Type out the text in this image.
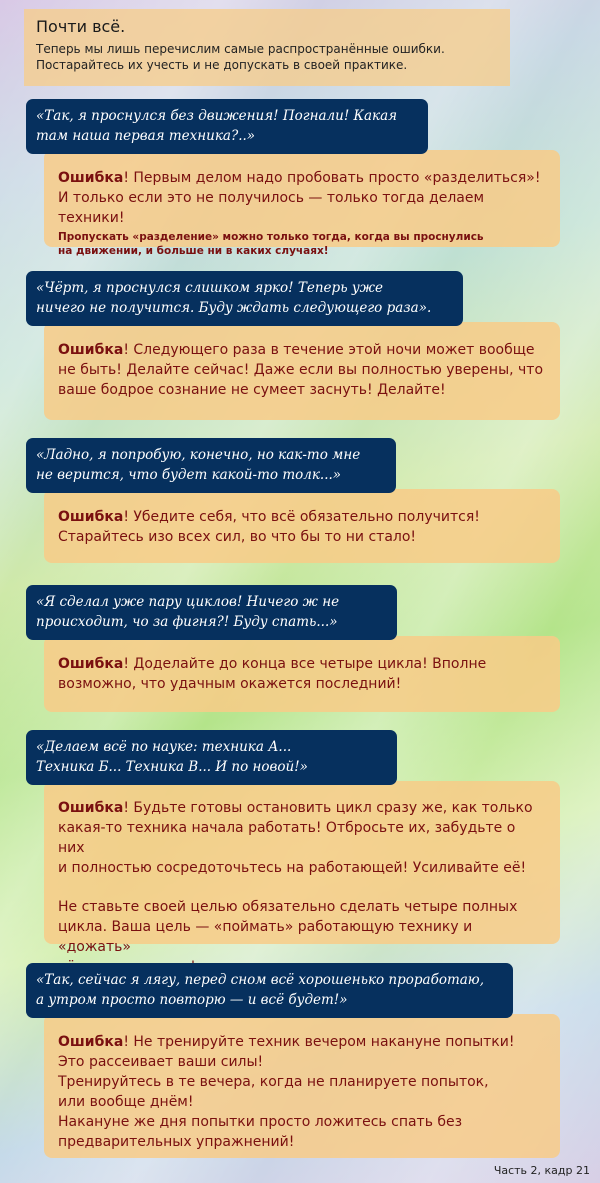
Почти всё.
Теперь мы лишь перечислим самые распространённые ошибки.
Постарайтесь их учесть и не допускать в своей практике.
«Так, я проснулся без движения! Погнали! Какая
там наша первая техника?..»
Ошибка! Первым делом надо пробовать просто «разделиться»!
И только если это не получилось — только тогда делаем техники!
Пропускать «разделение» можно только тогда, когда вы проснулись
на движении, и больше ни в каких случаях!
«Чёрт, я проснулся слишком ярко! Теперь уже
ничего не получится. Буду ждать следующего раза».
Ошибка! Следующего раза в течение этой ночи может вообще
не быть! Делайте сейчас! Даже если вы полностью уверены, что
ваше бодрое сознание не сумеет заснуть! Делайте!
«Ладно, я попробую, конечно, но как-то мне
не верится, что будет какой-то толк...»
Ошибка! Убедите себя, что всё обязательно получится!
Старайтесь изо всех сил, во что бы то ни стало!
«Я сделал уже пару циклов! Ничего ж не
происходит, чо за фигня?! Буду спать...»
Ошибка! Доделайте до конца все четыре цикла! Вполне
возможно, что удачным окажется последний!
«Делаем всё по науке: техника А...
Техника Б... Техника В... И по новой!»
Ошибка! Будьте готовы остановить цикл сразу же, как только
какая-то техника начала работать! Отбросьте их, забудьте о них
и полностью сосредоточьтесь на работающей! Усиливайте её!
Не ставьте своей целью обязательно сделать четыре полных
цикла. Ваша цель — «поймать» работающую технику и «дожать»

«Так, сейчас я лягу, перед сном всё хорошенько проработаю,
а утром просто повторю — и всё будет!»
Ошибка! Не тренируйте техник вечером накануне попытки!
Это рассеивает ваши силы!
Тренируйтесь в те вечера, когда не планируете попыток,
или вообще днём!
Накануне же дня попытки просто ложитесь спать без
предварительных упражнений!
Часть 2, кадр 21
